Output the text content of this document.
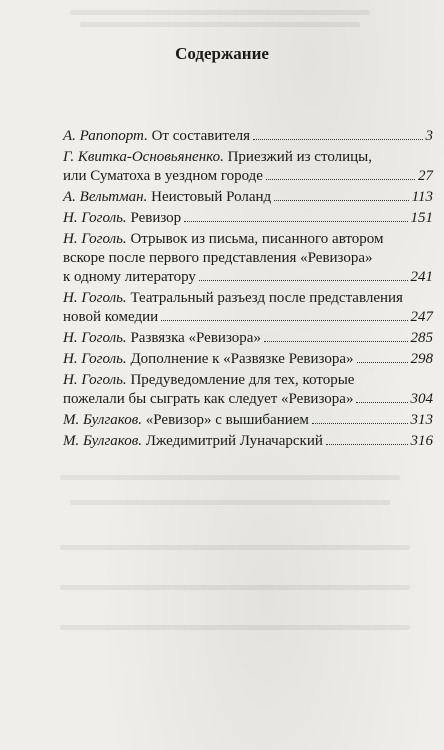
Содержание
А. Рапопорт. От составителя	3
Г. Квитка-Основьяненко. Приезжий из столицы,
или Суматоха в уездном городе	27
А. Вельтман. Неистовый Роланд	113
Н. Гоголь. Ревизор	151
Н. Гоголь. Отрывок из письма, писанного автором
вскоре после первого представления «Ревизора»
к одному литератору	241
Н. Гоголь. Театральный разъезд после представления
новой комедии	247
Н. Гоголь. Развязка «Ревизора»	285
Н. Гоголь. Дополнение к «Развязке Ревизора»	298
Н. Гоголь. Предуведомление для тех, которые
пожелали бы сыграть как следует «Ревизора»	304
М. Булгаков. «Ревизор» с вышибанием	313
М. Булгаков. Лжедимитрий Луначарский	316
